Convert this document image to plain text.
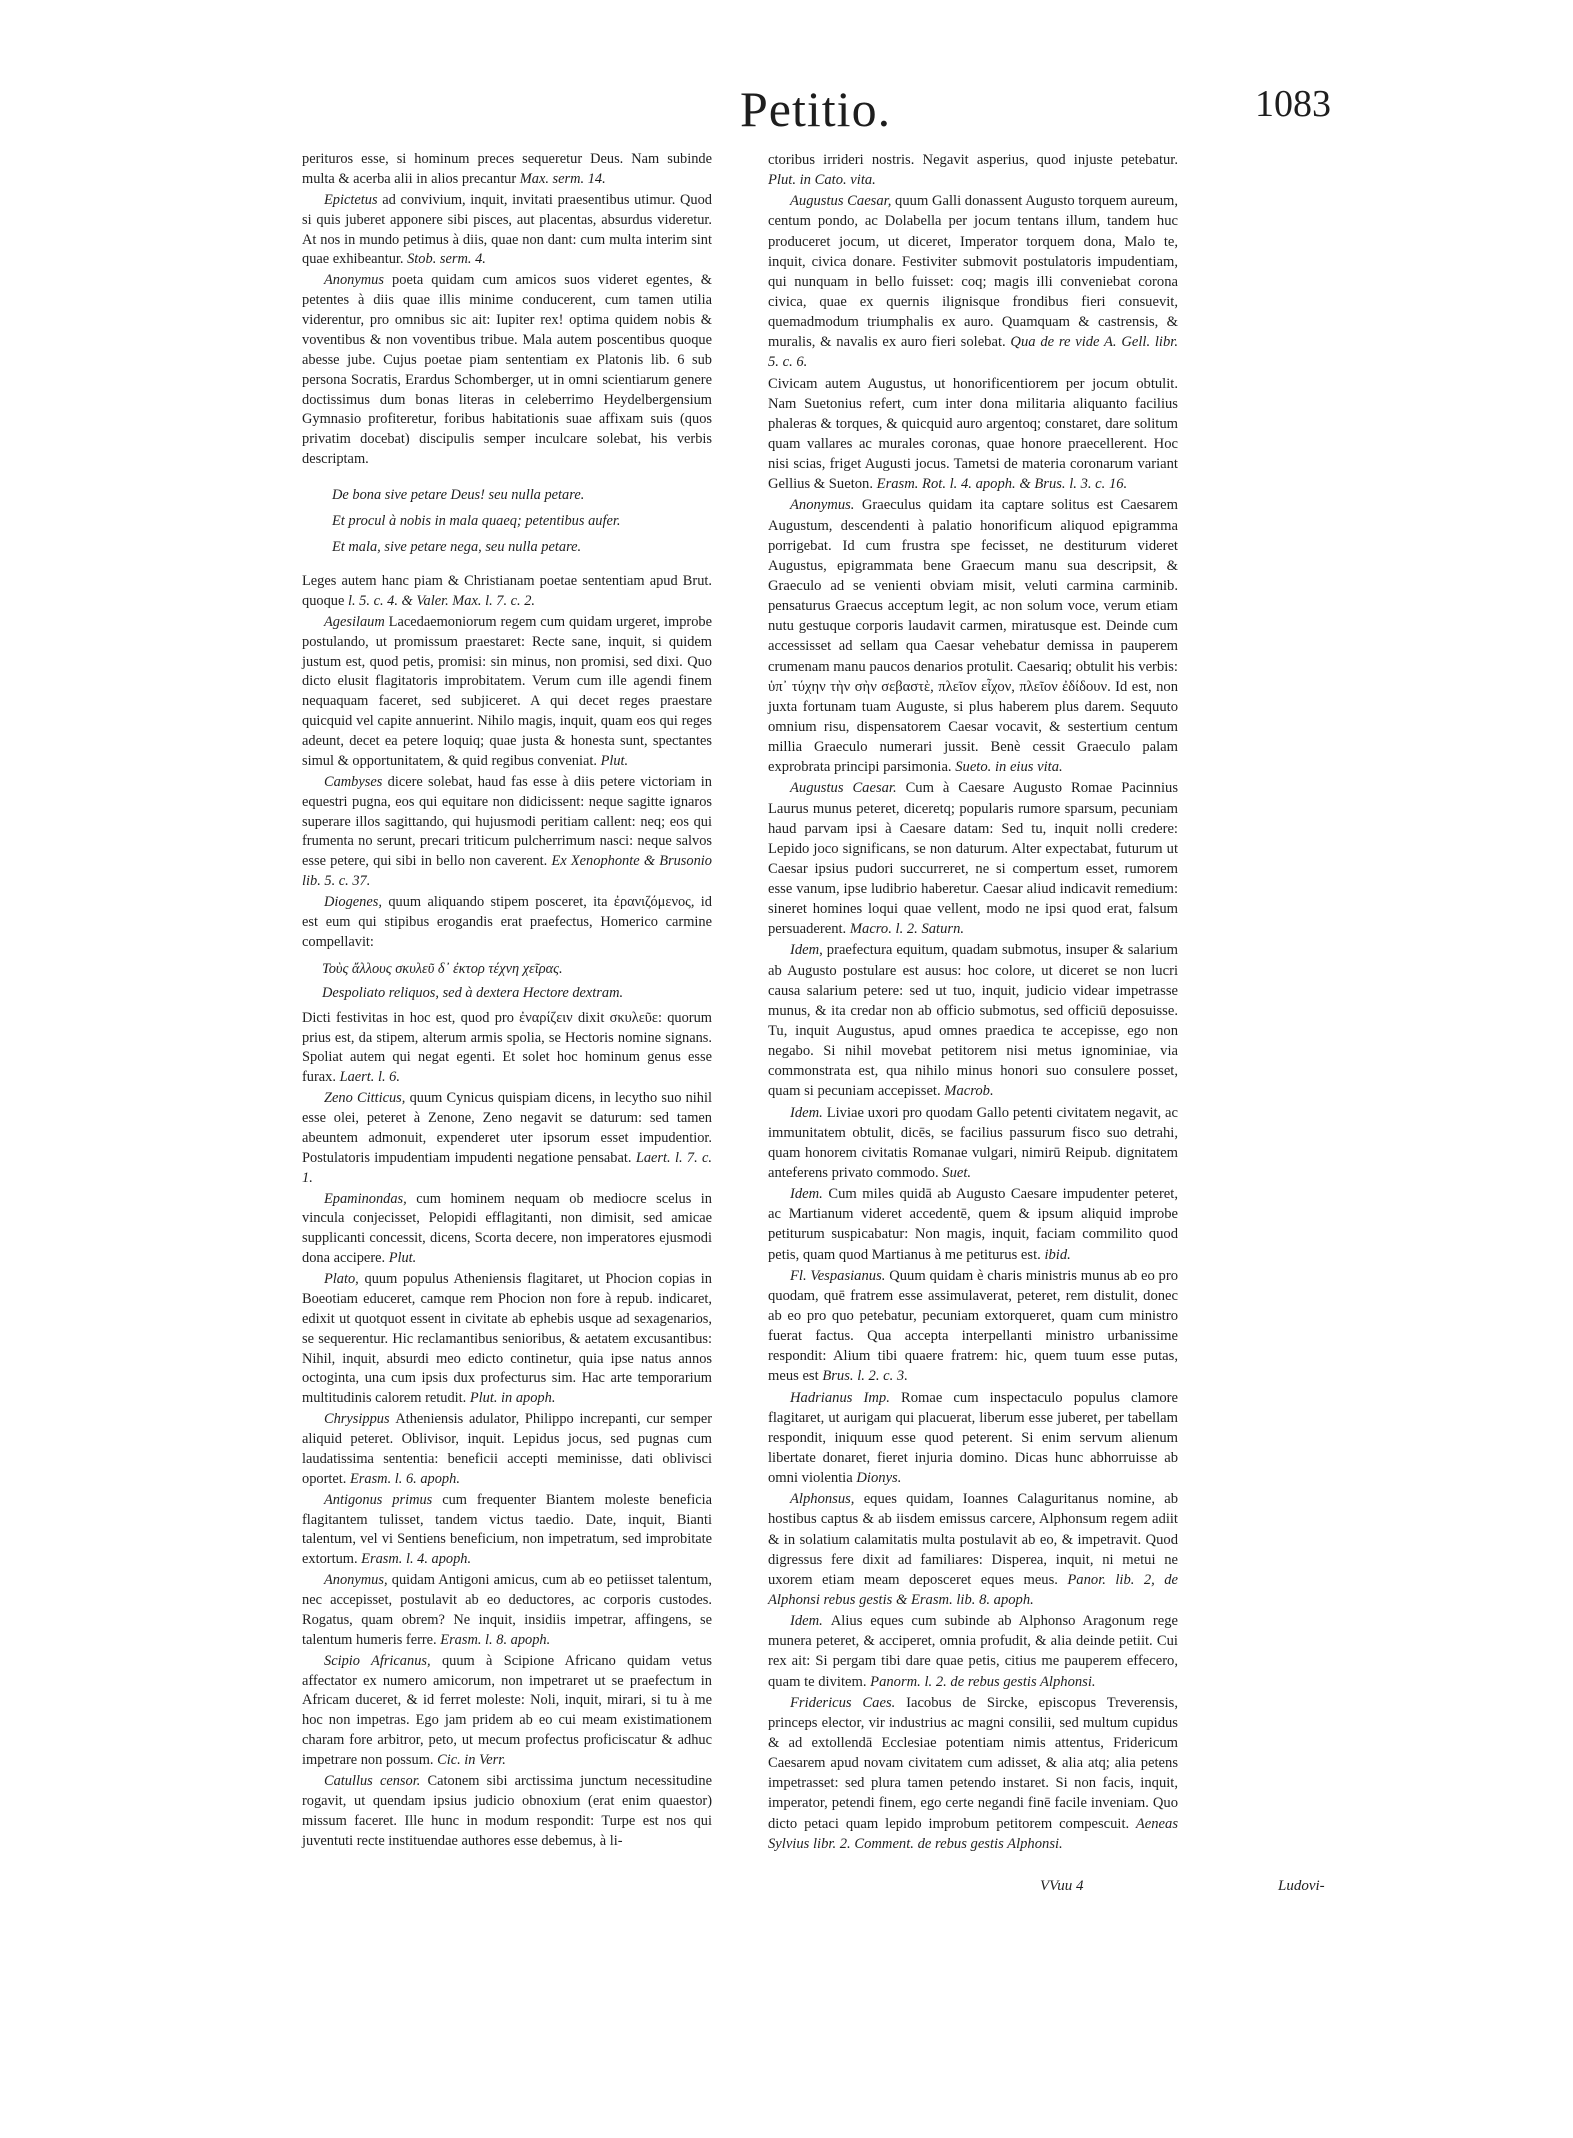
Petitio.	1083

perituros esse, si hominum preces sequeretur Deus. Nam subinde multa & acerba alii in alios precantur Max. serm. 14.

Epictetus ad convivium, inquit, invitati praesentibus utimur. Quod si quis juberet apponere sibi pisces, aut placentas, absurdus videretur. At nos in mundo petimus à diis, quae non dant: cum multa interim sint quae exhibeantur. Stob. serm. 4.

Anonymus poeta quidam cum amicos suos videret egentes, & petentes à diis quae illis minime conducerent, cum tamen utilia viderentur, pro omnibus sic ait: Iupiter rex! optima quidem nobis & voventibus & non voventibus tribue. Mala autem poscentibus quoque abesse jube. Cujus poetae piam sententiam ex Platonis lib. 6 sub persona Socratis, Erardus Schomberger, ut in omni scientiarum genere doctissimus dum bonas literas in celeberrimo Heydelbergensium Gymnasio profiteretur, foribus habitationis suae affixam suis (quos privatim docebat) discipulis semper inculcare solebat, his verbis descriptam.

De bona sive petare Deus! seu nulla petare.
Et procul à nobis in mala quaeq; petentibus aufer.
Et mala, sive petare nega, seu nulla petare.

Leges autem hanc piam & Christianam poetae sententiam apud Brut. quoque l. 5. c. 4. & Valer. Max. l. 7. c. 2.

Agesilaum Lacedaemoniorum regem cum quidam urgeret, improbe postulando, ut promissum praestaret: Recte sane, inquit, si quidem justum est, quod petis, promisi: sin minus, non promisi, sed dixi. Quo dicto elusit flagitatoris improbitatem. Verum cum ille agendi finem nequaquam faceret, sed subjiceret. A qui decet reges praestare quicquid vel capite annuerint. Nihilo magis, inquit, quam eos qui reges adeunt, decet ea petere loquiq; quae justa & honesta sunt, spectantes simul & opportunitatem, & quid regibus conveniat. Plut.

Cambyses dicere solebat, haud fas esse à diis petere victoriam in equestri pugna, eos qui equitare non didicissent: neque sagitte ignaros superare illos sagittando, qui hujusmodi peritiam callent: neq; eos qui frumenta no serunt, precari triticum pulcherrimum nasci: neque salvos esse petere, qui sibi in bello non caverent. Ex Xenophonte & Brusonio lib. 5. c. 37.

Diogenes, quum aliquando stipem posceret, ita ἐρανιζόμενος, id est eum qui stipibus erogandis erat praefectus, Homerico carmine compellavit:

Τοὺς ἄλλους σκυλεῦ δ᾽ ἐκτορ τέχνη χεῖρας.
Despoliato reliquos, sed à dextera Hectore dextram.

Dicti festivitas in hoc est, quod pro ἐναρίζειν dixit σκυλεῦε: quorum prius est, da stipem, alterum armis spolia, se Hectoris nomine signans. Spoliat autem qui negat egenti. Et solet hoc hominum genus esse furax. Laert. l. 6.

Zeno Citticus, quum Cynicus quispiam dicens, in lecytho suo nihil esse olei, peteret à Zenone, Zeno negavit se daturum: sed tamen abeuntem admonuit, expenderet uter ipsorum esset impudentior. Postulatoris impudentiam impudenti negatione pensabat. Laert. l. 7. c. 1.

Epaminondas, cum hominem nequam ob mediocre scelus in vincula conjecisset, Pelopidi efflagitanti, non dimisit, sed amicae supplicanti concessit, dicens, Scorta decere, non imperatores ejusmodi dona accipere. Plut.

Plato, quum populus Atheniensis flagitaret, ut Phocion copias in Boeotiam educeret, camque rem Phocion non fore à repub. indicaret, edixit ut quotquot essent in civitate ab ephebis usque ad sexagenarios, se sequerentur. Hic reclamantibus senioribus, & aetatem excusantibus: Nihil, inquit, absurdi meo edicto continetur, quia ipse natus annos octoginta, una cum ipsis dux profecturus sim. Hac arte temporarium multitudinis calorem retudit. Plut. in apoph.

Chrysippus Atheniensis adulator, Philippo increpanti, cur semper aliquid peteret. Oblivisor, inquit. Lepidus jocus, sed pugnas cum laudatissima sententia: beneficii accepti meminisse, dati oblivisci oportet. Erasm. l. 6. apoph.

Antigonus primus cum frequenter Biantem moleste beneficia flagitantem tulisset, tandem victus taedio. Date, inquit, Bianti talentum, vel vi Sentiens beneficium, non impetratum, sed improbitate extortum. Erasm. l. 4. apoph.

Anonymus, quidam Antigoni amicus, cum ab eo petiisset talentum, nec accepisset, postulavit ab eo deductores, ac corporis custodes. Rogatus, quam obrem? Ne inquit, insidiis impetrar, affingens, se talentum humeris ferre. Erasm. l. 8. apoph.

Scipio Africanus, quum à Scipione Africano quidam vetus affectator ex numero amicorum, non impetraret ut se praefectum in Africam duceret, & id ferret moleste: Noli, inquit, mirari, si tu à me hoc non impetras. Ego jam pridem ab eo cui meam existimationem charam fore arbitror, peto, ut mecum profectus proficiscatur & adhuc impetrare non possum. Cic. in Verr.

Catullus censor. Catonem sibi arctissima junctum necessitudine rogavit, ut quendam ipsius judicio obnoxium (erat enim quaestor) missum faceret. Ille hunc in modum respondit: Turpe est nos qui juventuti recte instituendae authores esse debemus, à li-

ctoribus irrideri nostris. Negavit asperius, quod injuste petebatur.Plut. in Cato. vita.

Augustus Caesar, quum Galli donassent Augusto torquem aureum, centum pondo, ac Dolabella per jocum tentans illum, tandem huc produceret jocum, ut diceret, Imperator torquem dona, Malo te, inquit, civica donare. Festiviter submovit postulatoris impudentiam, qui nunquam in bello fuisset: coq; magis illi conveniebat corona civica, quae ex quernis ilignisque frondibus fieri consuevit, quemadmodum triumphalis ex auro. Quamquam & castrensis, & muralis, & navalis ex auro fieri solebat. Qua de re vide A. Gell. libr. 5. c. 6.

Civicam autem Augustus, ut honorificentiorem per jocum obtulit. Nam Suetonius refert, cum inter dona militaria aliquanto facilius phaleras & torques, & quicquid auro argentoq; constaret, dare solitum quam vallares ac murales coronas, quae honore praecellerent. Hoc nisi scias, friget Augusti jocus. Tametsi de materia coronarum variant Gellius & Sueton. Erasm. Rot. l. 4. apoph. & Brus. l. 3. c. 16.

Anonymus. Graeculus quidam ita captare solitus est Caesarem Augustum, descendenti à palatio honorificum aliquod epigramma porrigebat. Id cum frustra spe fecisset, ne destiturum videret Augustus, epigrammata bene Graecum manu sua descripsit, & Graeculo ad se venienti obviam misit, veluti carmina carminib. pensaturus Graecus acceptum legit, ac non solum voce, verum etiam nutu gestuque corporis laudavit carmen, miratusque est. Deinde cum accessisset ad sellam qua Caesar vehebatur demissa in pauperem crumenam manu paucos denarios protulit. Caesariq; obtulit his verbis: ὑπ᾽ τύχην τὴν σὴν σεβαστὲ, πλεῖον εἶχον, πλεῖον ἐδίδουν. Id est, non juxta fortunam tuam Auguste, si plus haberem plus darem. Sequuto omnium risu, dispensatorem Caesar vocavit, & sestertium centum millia Graeculo numerari jussit. Benè cessit Graeculo palam exprobrata principi parsimonia. Sueto. in eius vita.

Augustus Caesar. Cum à Caesare Augusto Romae Pacinnius Laurus munus peteret, diceretq; popularis rumore sparsum, pecuniam haud parvam ipsi à Caesare datam: Sed tu, inquit nolli credere: Lepido joco significans, se non daturum. Alter expectabat, futurum ut Caesar ipsius pudori succurreret, ne si compertum esset, rumorem esse vanum, ipse ludibrio haberetur. Caesar aliud indicavit remedium: sineret homines loqui quae vellent, modo ne ipsi quod erat, falsum persuaderent. Macro. l. 2. Saturn.

Idem, praefectura equitum, quadam submotus, insuper & salarium ab Augusto postulare est ausus: hoc colore, ut diceret se non lucri causa salarium petere: sed ut tuo, inquit, judicio videar impetrasse munus, & ita credar non ab officio submotus, sed officiū deposuisse. Tu, inquit Augustus, apud omnes praedica te accepisse, ego non negabo. Si nihil movebat petitorem nisi metus ignominiae, via commonstrata est, qua nihilo minus honori suo consulere posset, quam si pecuniam accepisset. Macrob.

Idem. Liviae uxori pro quodam Gallo petenti civitatem negavit, ac immunitatem obtulit, dicēs, se facilius passurum fisco suo detrahi, quam honorem civitatis Romanae vulgari, nimirū Reipub. dignitatem anteferens privato commodo. Suet.

Idem. Cum miles quidā ab Augusto Caesare impudenter peteret, ac Martianum videret accedentē, quem & ipsum aliquid improbe petiturum suspicabatur: Non magis, inquit, faciam commilito quod petis, quam quod Martianus à me petiturus est. ibid.

Fl. Vespasianus. Quum quidam è charis ministris munus ab eo pro quodam, quē fratrem esse assimulaverat, peteret, rem distulit, donec ab eo pro quo petebatur, pecuniam extorqueret, quam cum ministro fuerat factus. Qua accepta interpellanti ministro urbanissime respondit: Alium tibi quaere fratrem: hic, quem tuum esse putas, meus est Brus. l. 2. c. 3.

Hadrianus Imp. Romae cum inspectaculo populus clamore flagitaret, ut aurigam qui placuerat, liberum esse juberet, per tabellam respondit, iniquum esse quod peterent. Si enim servum alienum libertate donaret, fieret injuria domino. Dicas hunc abhorruisse ab omni violentia Dionys.

Alphonsus, eques quidam, Ioannes Calaguritanus nomine, ab hostibus captus & ab iisdem emissus carcere, Alphonsum regem adiit & in solatium calamitatis multa postulavit ab eo, & impetravit. Quod digressus fere dixit ad familiares: Disperea, inquit, ni metui ne uxorem etiam meam deposceret eques meus. Panor. lib. 2, de Alphonsi rebus gestis & Erasm. lib. 8. apoph.

Idem. Alius eques cum subinde ab Alphonso Aragonum rege munera peteret, & acciperet, omnia profudit, & alia deinde petiit. Cui rex ait: Si pergam tibi dare quae petis, citius me pauperem effecero, quam te divitem. Panorm. l. 2. de rebus gestis Alphonsi.

Fridericus Caes. Iacobus de Sircke, episcopus Treverensis, princeps elector, vir industrius ac magni consilii, sed multum cupidus & ad extollendā Ecclesiae potentiam nimis attentus, Fridericum Caesarem apud novam civitatem cum adisset, & alia atq; alia petens impetrasset: sed plura tamen petendo instaret. Si non facis, inquit, imperator, petendi finem, ego certe negandi finē facile inveniam. Quo dicto petaci quam lepido improbum petitorem compescuit. Aeneas Sylvius libr. 2. Comment. de rebus gestis Alphonsi.

VVuu 4	Ludovi-
